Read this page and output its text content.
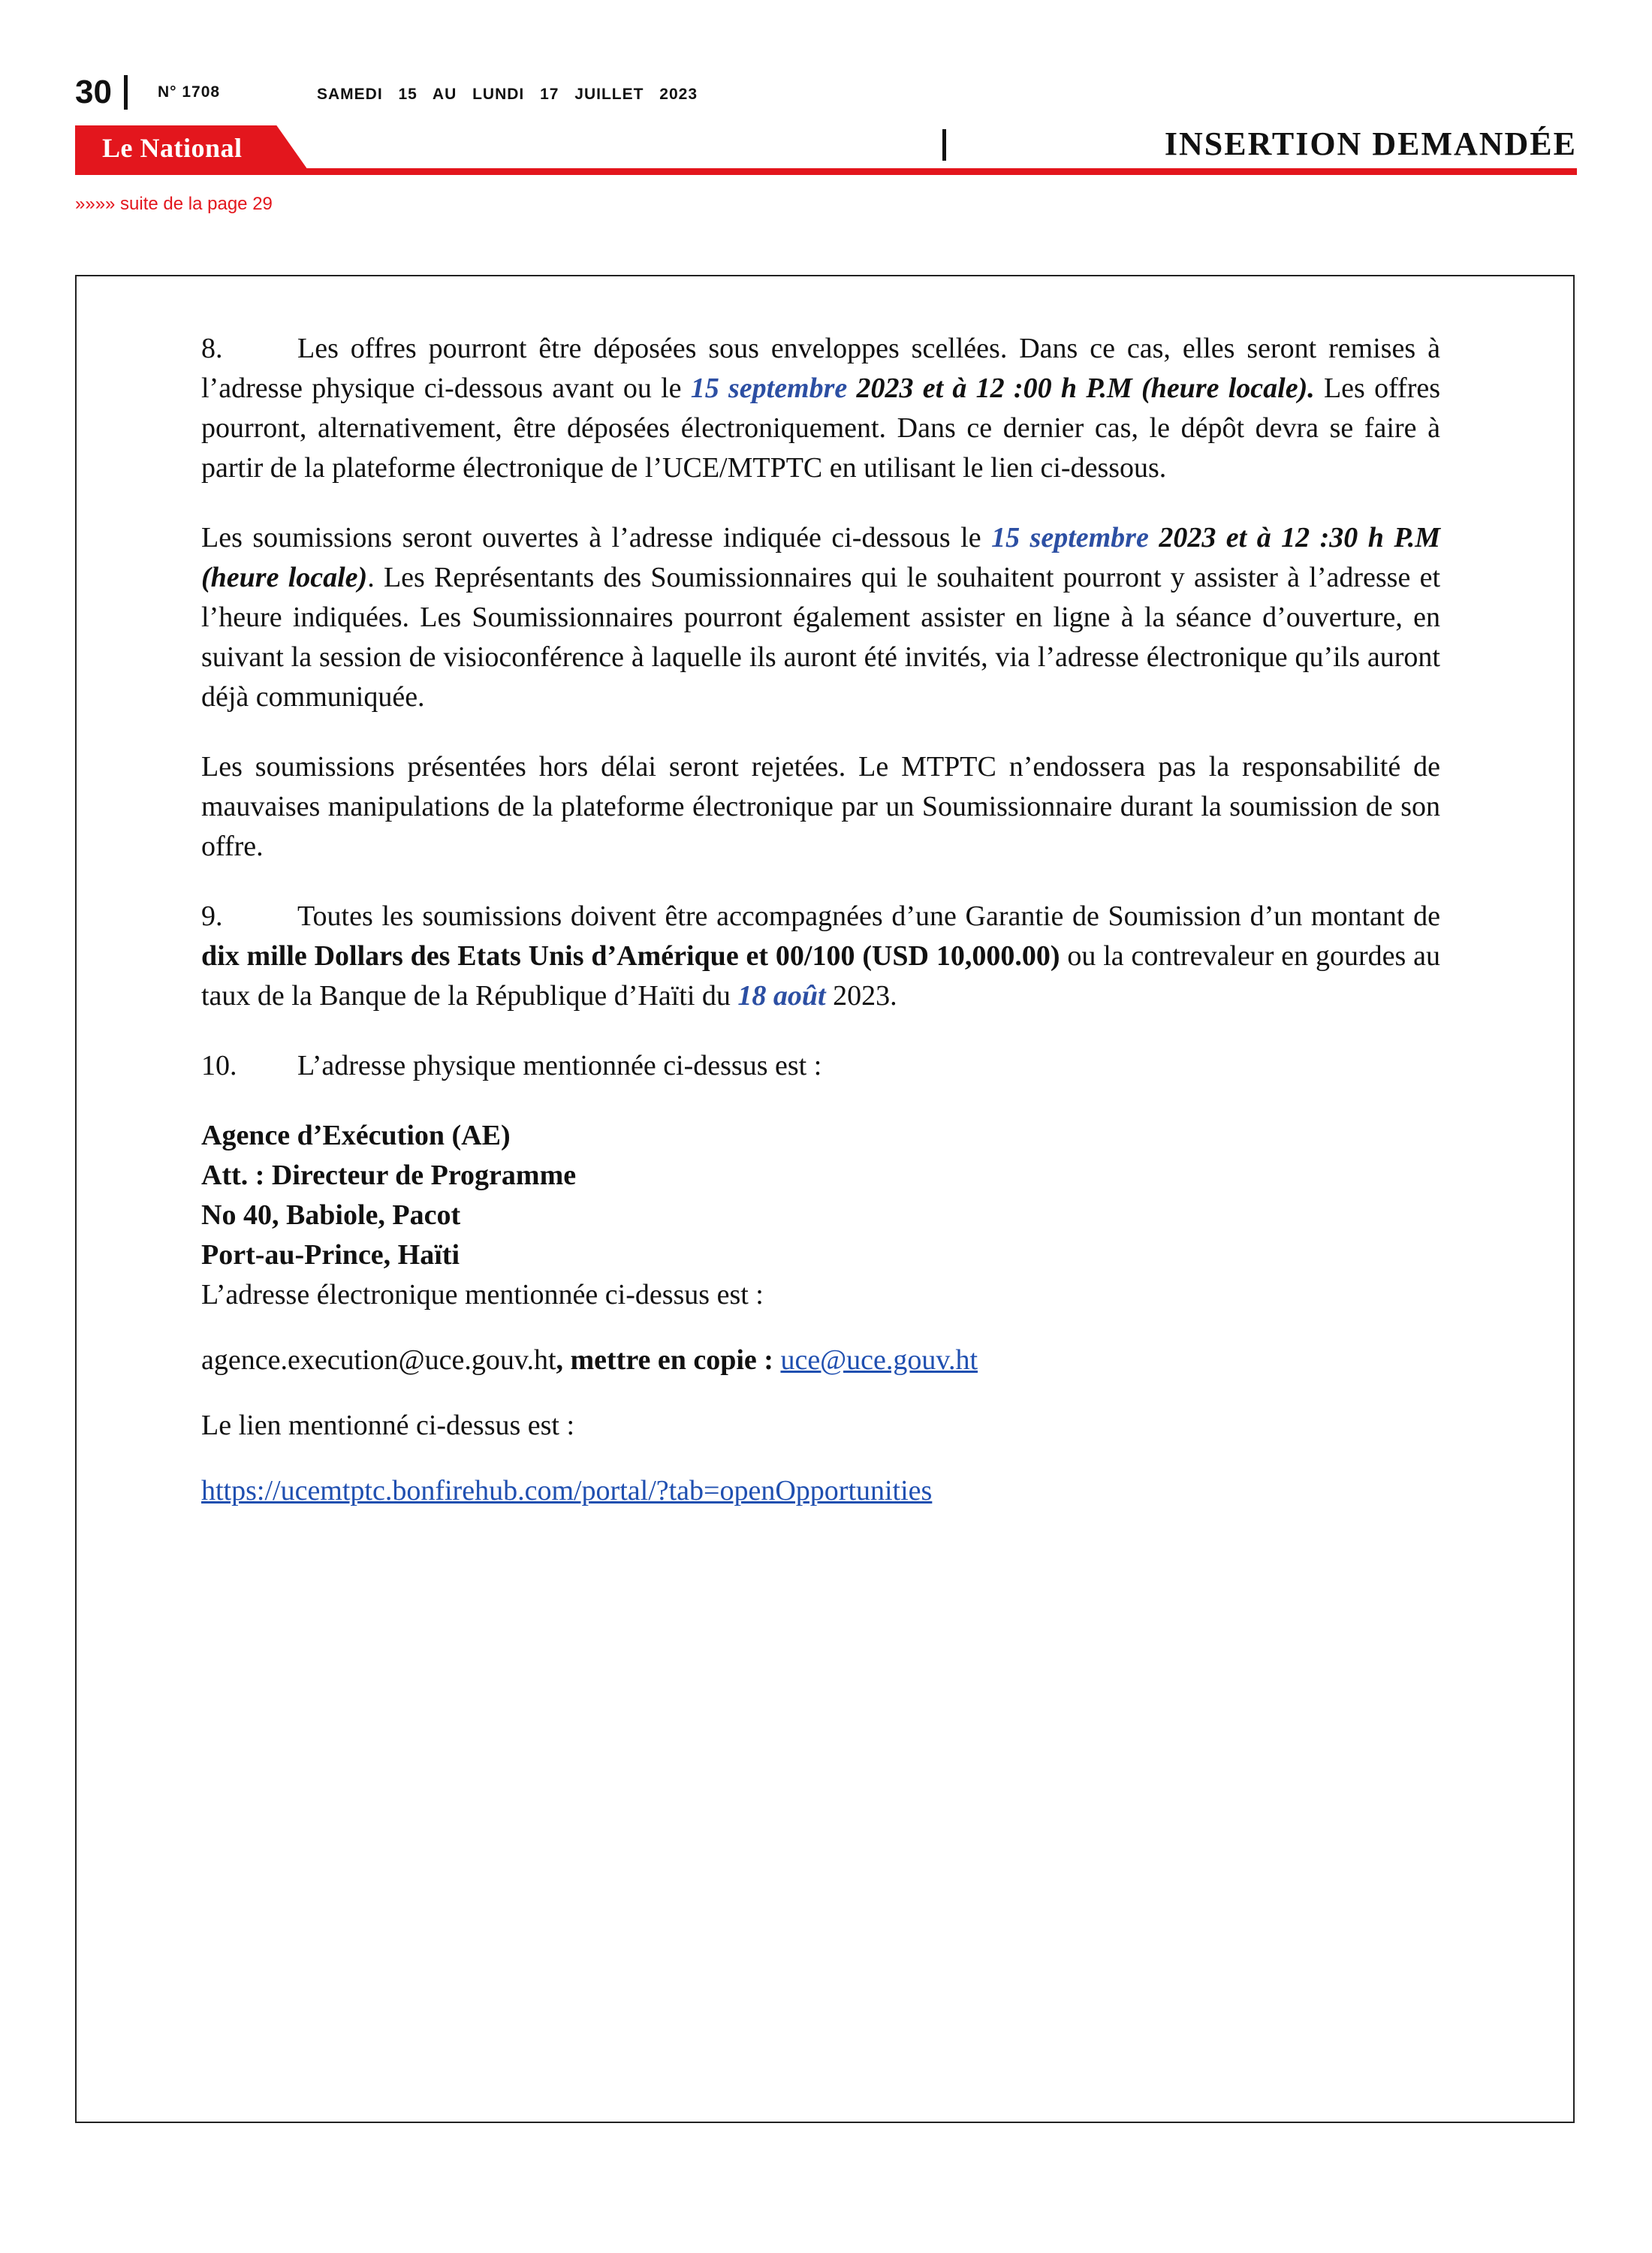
30	N° 1708	SAMEDI 15 AU LUNDI 17 JUILLET 2023
Le National	INSERTION DEMANDÉE
»»»» suite de la page 29

8.	Les offres pourront être déposées sous enveloppes scellées. Dans ce cas, elles seront remises à l’adresse physique ci-dessous avant ou le 15 septembre 2023 et à 12 :00 h P.M (heure locale). Les offres pourront, alternativement, être déposées électroniquement. Dans ce dernier cas, le dépôt devra se faire à partir de la plateforme électronique de l’UCE/MTPTC en utilisant le lien ci-dessous.

Les soumissions seront ouvertes à l’adresse indiquée ci-dessous le 15 septembre 2023 et à 12 :30 h P.M (heure locale). Les Représentants des Soumissionnaires qui le souhaitent pourront y assister à l’adresse et l’heure indiquées. Les Soumissionnaires pourront également assister en ligne à la séance d’ouverture, en suivant la session de visioconférence à laquelle ils auront été invités, via l’adresse électronique qu’ils auront déjà communiquée.

Les soumissions présentées hors délai seront rejetées. Le MTPTC n’endossera pas la responsabilité de mauvaises manipulations de la plateforme électronique par un Soumissionnaire durant la soumission de son offre.

9.	Toutes les soumissions doivent être accompagnées d’une Garantie de Soumission d’un montant de dix mille Dollars des Etats Unis d’Amérique et 00/100 (USD 10,000.00) ou la contrevaleur en gourdes au taux de la Banque de la République d’Haïti du 18 août 2023.

10. L’adresse physique mentionnée ci-dessus est :

Agence d’Exécution (AE)

Att. : Directeur de Programme

No 40, Babiole, Pacot

Port-au-Prince, Haïti

L’adresse électronique mentionnée ci-dessus est :

agence.execution@uce.gouv.ht, mettre en copie : uce@uce.gouv.ht

Le lien mentionné ci-dessus est :

https://ucemtptc.bonfirehub.com/portal/?tab=openOpportunities
